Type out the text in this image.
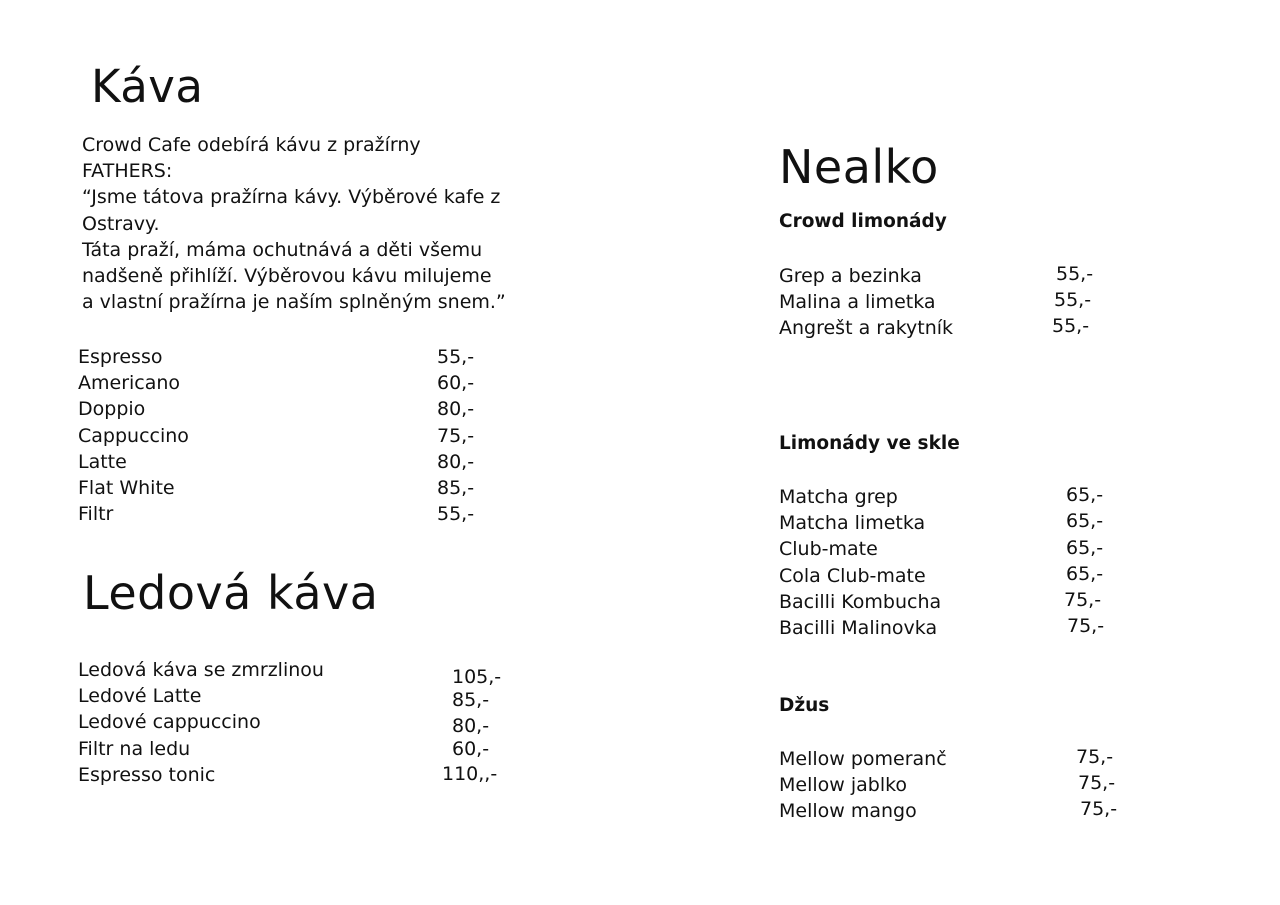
Káva
Crowd Cafe odebírá kávu z pražírny
FATHERS:
“Jsme tátova pražírna kávy. Výběrové kafe z
Ostravy.
Táta praží, máma ochutnává a děti všemu
nadšeně přihlíží. Výběrovou kávu milujeme
a vlastní pražírna je naším splněným snem.”
Espresso
Americano
Doppio
Cappuccino
Latte
Flat White
Filtr
55,-
60,-
80,-
75,-
80,-
85,-
55,-
Ledová káva
Ledová káva se zmrzlinou
Ledové Latte
Ledové cappuccino
Filtr na ledu
Espresso tonic
105,-
85,-
80,-
60,-
110,,-
Nealko
Crowd limonády
Grep a bezinka
Malina a limetka
Angrešt a rakytník
55,-
55,-
55,-
Limonády ve skle
Matcha grep
Matcha limetka
Club-mate
Cola Club-mate
Bacilli Kombucha
Bacilli Malinovka
65,-
65,-
65,-
65,-
75,-
75,-
Džus
Mellow pomeranč
Mellow jablko
Mellow mango
75,-
75,-
75,-
